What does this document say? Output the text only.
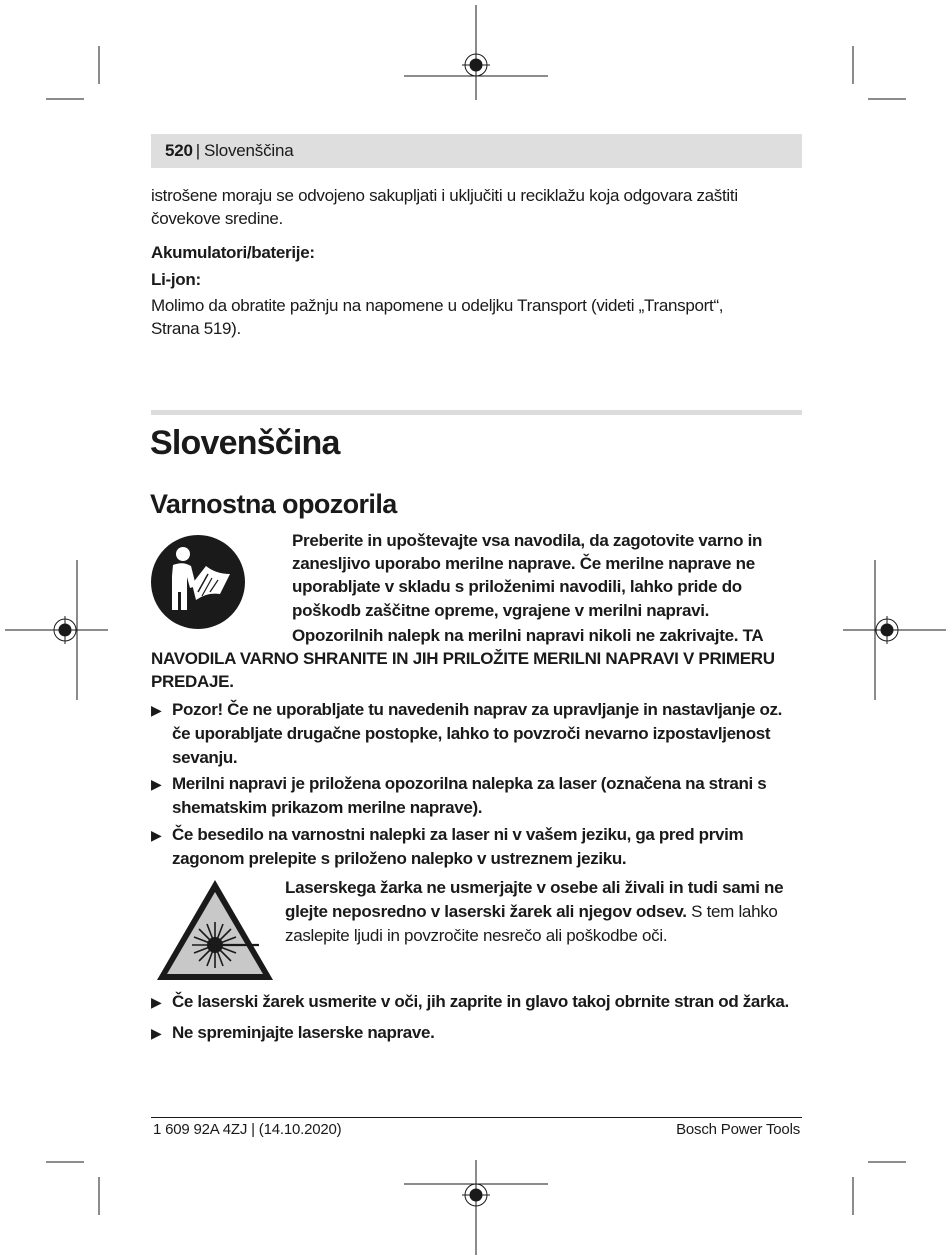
520 | Slovenščina
istrošene moraju se odvojeno sakupljati i uključiti u reciklažu koja odgovara zaštiti
čovekove sredine.
Akumulatori/baterije:
Li-jon:
Molimo da obratite pažnju na napomene u odeljku Transport (videti „Transport“,
Strana 519).
Slovenščina
Varnostna opozorila
Preberite in upoštevajte vsa navodila, da zagotovite varno in
zanesljivo uporabo merilne naprave. Če merilne naprave ne
uporabljate v skladu s priloženimi navodili, lahko pride do
poškodb zaščitne opreme, vgrajene v merilni napravi.
Opozorilnih nalepk na merilni napravi nikoli ne zakrivajte. TA
NAVODILA VARNO SHRANITE IN JIH PRILOŽITE MERILNI NAPRAVI V PRIMERU
PREDAJE.
▶ Pozor! Če ne uporabljate tu navedenih naprav za upravljanje in nastavljanje oz.
če uporabljate drugačne postopke, lahko to povzroči nevarno izpostavljenost
sevanju.
▶ Merilni napravi je priložena opozorilna nalepka za laser (označena na strani s
shematskim prikazom merilne naprave).
▶ Če besedilo na varnostni nalepki za laser ni v vašem jeziku, ga pred prvim
zagonom prelepite s priloženo nalepko v ustreznem jeziku.
Laserskega žarka ne usmerjajte v osebe ali živali in tudi sami ne
glejte neposredno v laserski žarek ali njegov odsev. S tem lahko
zaslepite ljudi in povzročite nesrečo ali poškodbe oči.
▶ Če laserski žarek usmerite v oči, jih zaprite in glavo takoj obrnite stran od žarka.
▶ Ne spreminjajte laserske naprave.
1 609 92A 4ZJ | (14.10.2020)	Bosch Power Tools
